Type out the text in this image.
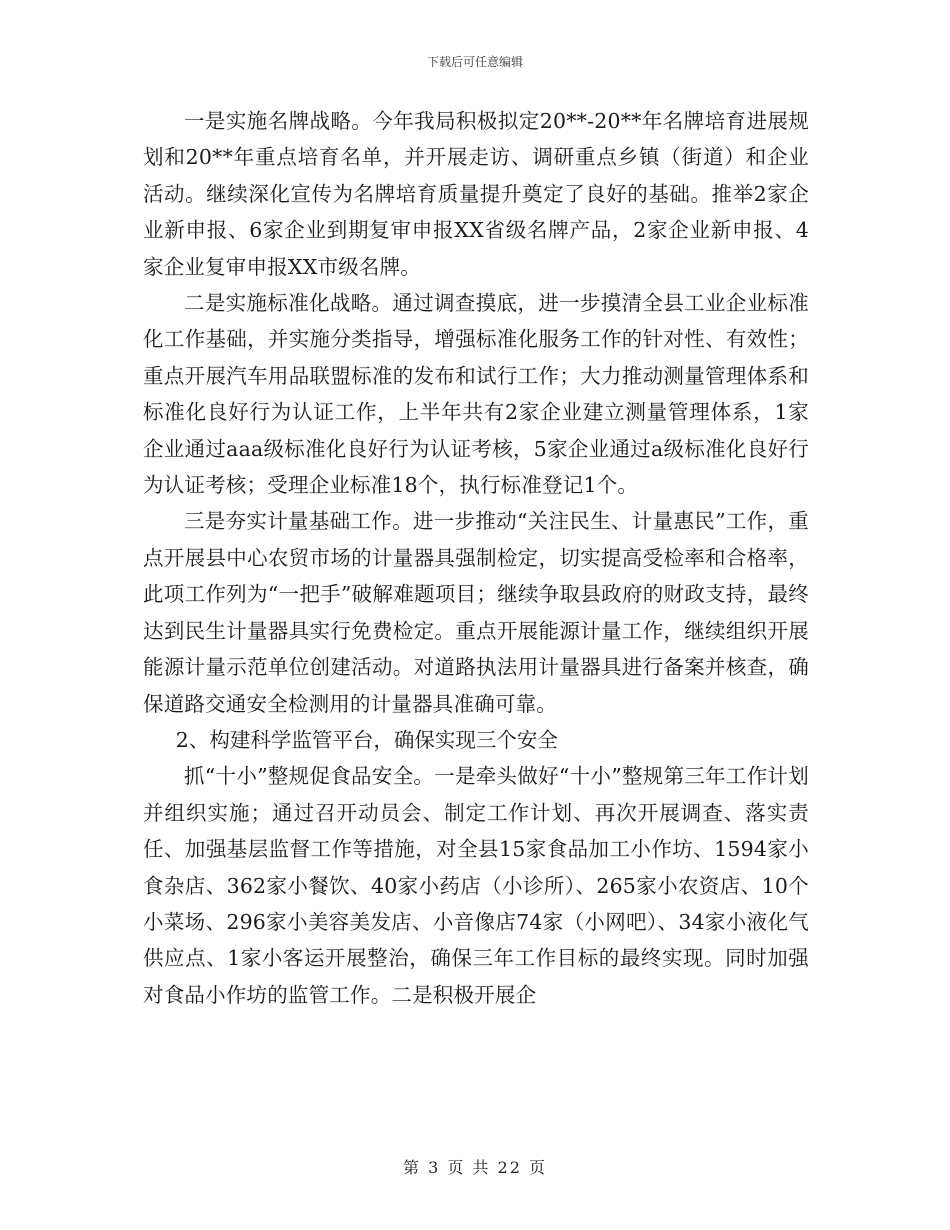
下载后可任意编辑

一是实施名牌战略。今年我局积极拟定20**-20**年名牌培育进展规划和20**年重点培育名单，并开展走访、调研重点乡镇（街道）和企业活动。继续深化宣传为名牌培育质量提升奠定了良好的基础。推举2家企业新申报、6家企业到期复审申报XX省级名牌产品，2家企业新申报、4家企业复审申报XX市级名牌。

二是实施标准化战略。通过调查摸底，进一步摸清全县工业企业标准化工作基础，并实施分类指导，增强标准化服务工作的针对性、有效性；重点开展汽车用品联盟标准的发布和试行工作；大力推动测量管理体系和标准化良好行为认证工作，上半年共有2家企业建立测量管理体系，1家企业通过aaa级标准化良好行为认证考核，5家企业通过a级标准化良好行为认证考核；受理企业标准18个，执行标准登记1个。

三是夯实计量基础工作。进一步推动“关注民生、计量惠民”工作，重点开展县中心农贸市场的计量器具强制检定，切实提高受检率和合格率，此项工作列为“一把手”破解难题项目；继续争取县政府的财政支持，最终达到民生计量器具实行免费检定。重点开展能源计量工作，继续组织开展能源计量示范单位创建活动。对道路执法用计量器具进行备案并核查，确保道路交通安全检测用的计量器具准确可靠。

2、构建科学监管平台，确保实现三个安全

抓“十小”整规促食品安全。一是牵头做好“十小”整规第三年工作计划并组织实施；通过召开动员会、制定工作计划、再次开展调查、落实责任、加强基层监督工作等措施，对全县15家食品加工小作坊、1594家小食杂店、362家小餐饮、40家小药店（小诊所）、265家小农资店、10个小菜场、296家小美容美发店、小音像店74家（小网吧）、34家小液化气供应点、1家小客运开展整治，确保三年工作目标的最终实现。同时加强对食品小作坊的监管工作。二是积极开展企

第 3 页 共 22 页
